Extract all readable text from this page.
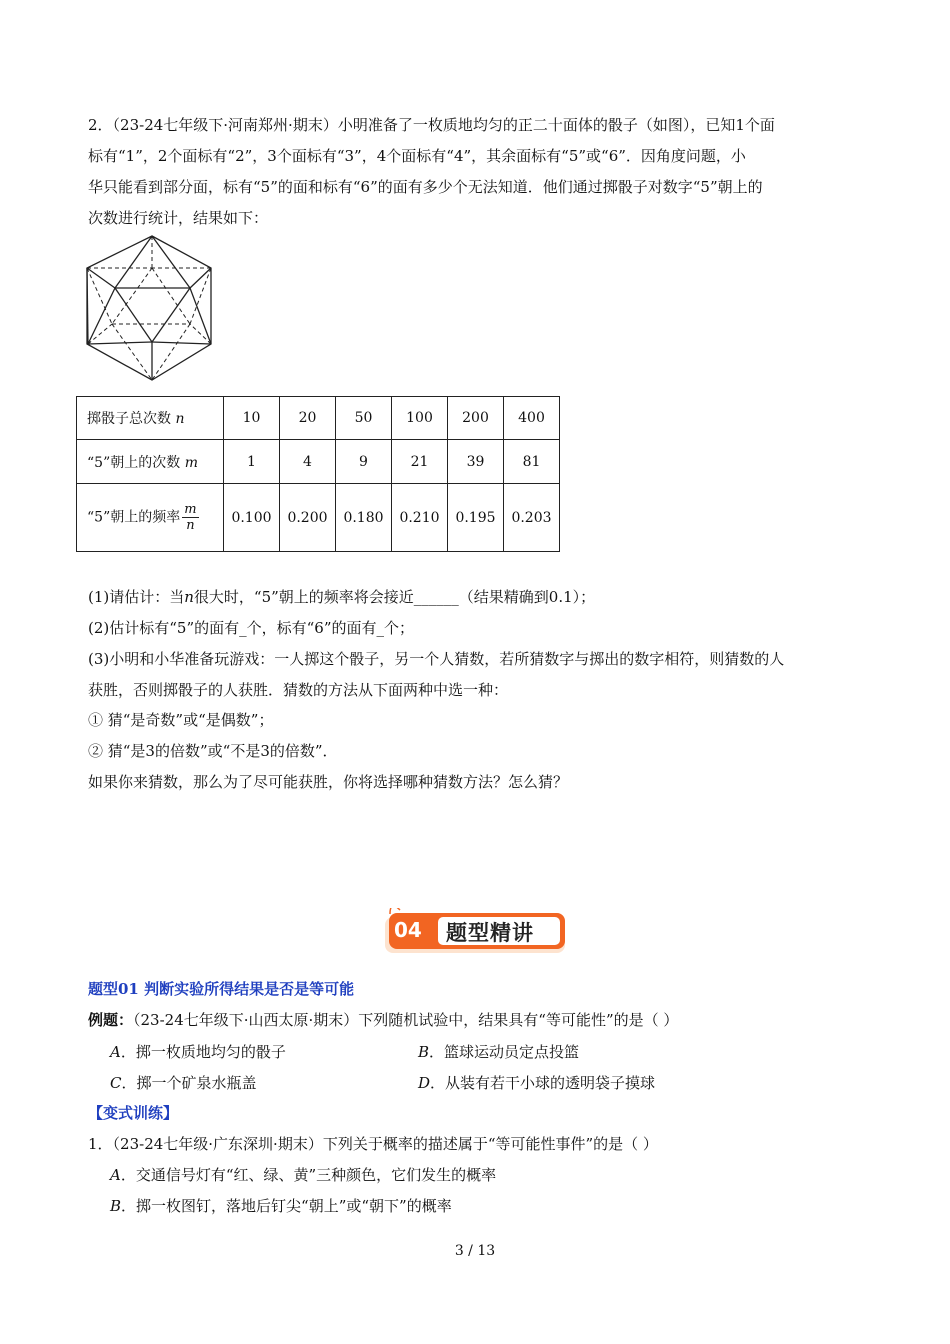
2．（23-24七年级下·河南郑州·期末）小明准备了一枚质地均匀的正二十面体的骰子（如图），已知1个面
标有“1”，2个面标有“2”，3个面标有“3”，4个面标有“4”，其余面标有“5”或“6”．因角度问题，小
华只能看到部分面，标有“5”的面和标有“6”的面有多少个无法知道．他们通过掷骰子对数字“5”朝上的
次数进行统计，结果如下：
掷骰子总次数 n	10	20	50	100	200	400
“5”朝上的次数 m	1	4	9	21	39	81
“5”朝上的频率 $\frac{m}{n}$	0.100	0.200	0.180	0.210	0.195	0.203
(1)请估计：当n很大时，“5”朝上的频率将会接近______（结果精确到0.1）；
(2)估计标有“5”的面有_个，标有“6”的面有_个；
(3)小明和小华准备玩游戏：一人掷这个骰子，另一个人猜数，若所猜数字与掷出的数字相符，则猜数的人
获胜，否则掷骰子的人获胜．猜数的方法从下面两种中选一种：
① 猜“是奇数”或“是偶数”；
② 猜“是3的倍数”或“不是3的倍数”．
如果你来猜数，那么为了尽可能获胜，你将选择哪种猜数方法？怎么猜？
04 题型精讲
题型01 判断实验所得结果是否是等可能
例题：（23-24七年级下·山西太原·期末）下列随机试验中，结果具有“等可能性”的是（ ）
A．掷一枚质地均匀的骰子	B．篮球运动员定点投篮
C．掷一个矿泉水瓶盖	D．从装有若干小球的透明袋子摸球
【变式训练】
1．（23-24七年级·广东深圳·期末）下列关于概率的描述属于“等可能性事件”的是（ ）
A．交通信号灯有“红、绿、黄”三种颜色，它们发生的概率
B．掷一枚图钉，落地后钉尖“朝上”或“朝下”的概率
3 / 13
